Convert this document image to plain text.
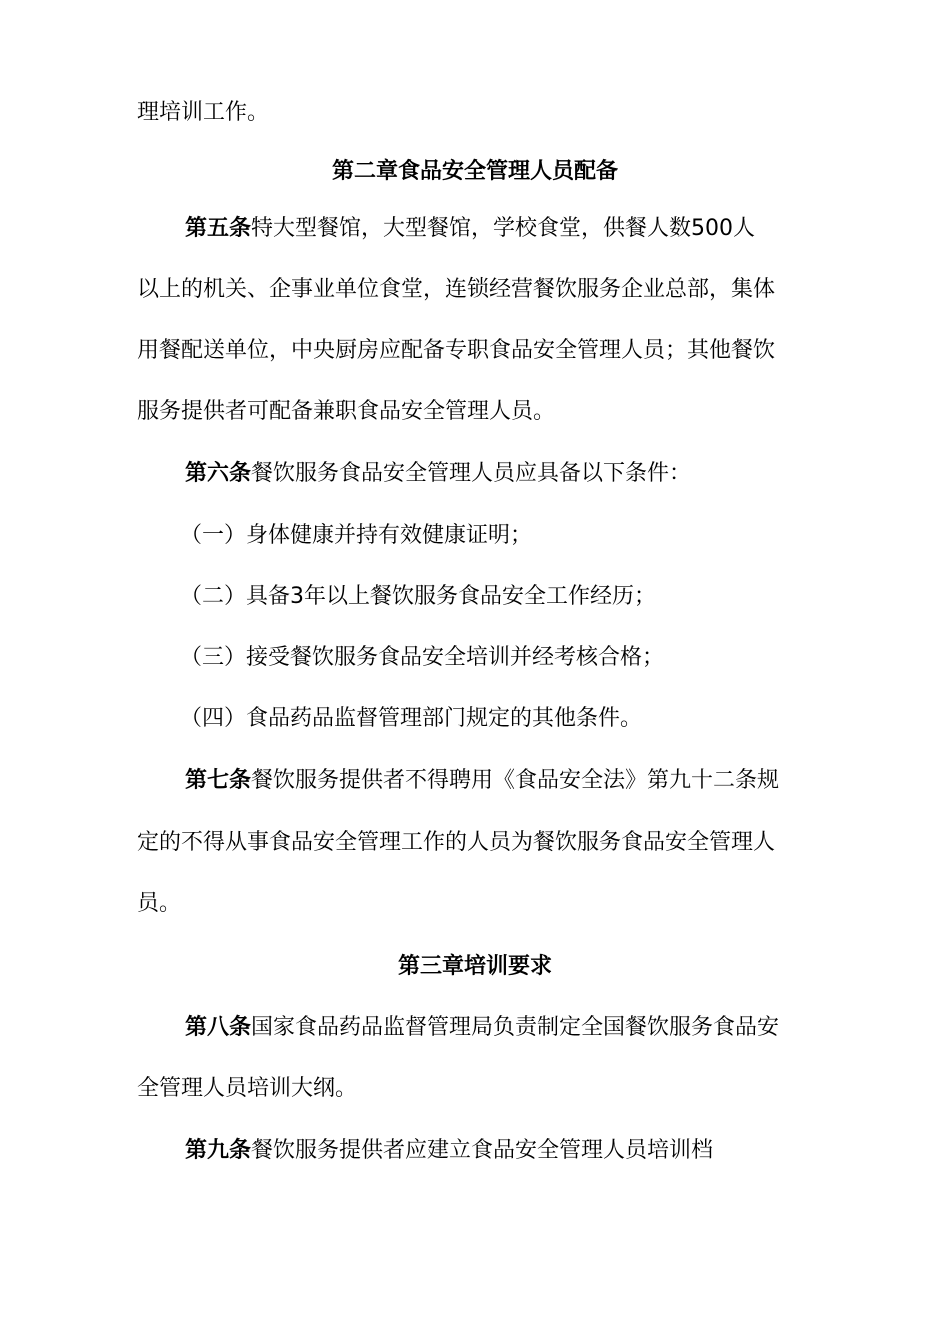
理培训工作。
第二章食品安全管理人员配备
第五条特大型餐馆，大型餐馆，学校食堂，供餐人数500人
以上的机关、企事业单位食堂，连锁经营餐饮服务企业总部，集体
用餐配送单位，中央厨房应配备专职食品安全管理人员；其他餐饮
服务提供者可配备兼职食品安全管理人员。
第六条餐饮服务食品安全管理人员应具备以下条件：
（一）身体健康并持有效健康证明；
（二）具备3年以上餐饮服务食品安全工作经历；
（三）接受餐饮服务食品安全培训并经考核合格；
（四）食品药品监督管理部门规定的其他条件。
第七条餐饮服务提供者不得聘用《食品安全法》第九十二条规
定的不得从事食品安全管理工作的人员为餐饮服务食品安全管理人
员。
第三章培训要求
第八条国家食品药品监督管理局负责制定全国餐饮服务食品安
全管理人员培训大纲。
第九条餐饮服务提供者应建立食品安全管理人员培训档
